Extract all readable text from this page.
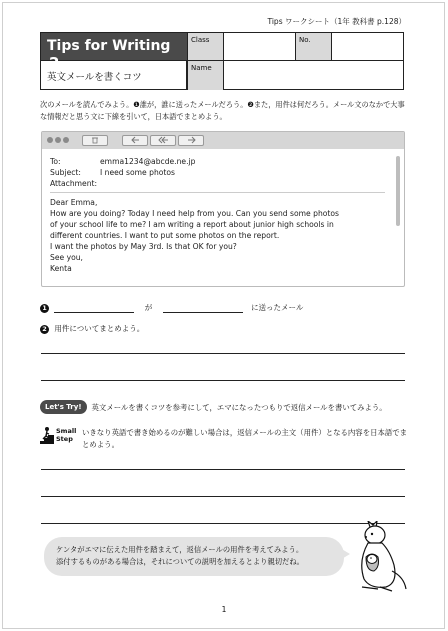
Tips ワークシート（1年 教科書 p.128）
Tips for Writing 2
英文メールを書くコツ
Class	No.
Name
次のメールを読んでみよう。❶誰が，誰に送ったメールだろう。❷また，用件は何だろう。メール文のなかで大事な情報だと思う文に下線を引いて，日本語でまとめよう。
To:	emma1234@abcde.ne.jp
Subject:	I need some photos
Attachment:
Dear Emma,
How are you doing? Today I need help from you. Can you send some photos
of your school life to me? I am writing a report about junior high schools in
different countries. I want to put some photos on the report.
I want the photos by May 3rd. Is that OK for you?
See you,
Kenta
1	が	に送ったメール
2 用件についてまとめよう。
Let's Try!	英文メールを書くコツを参考にして，エマになったつもりで返信メールを書いてみよう。
Small
Step
いきなり英語で書き始めるのが難しい場合は，返信メールの主文（用件）となる内容を日本語でまとめよう。
ケンタがエマに伝えた用件を踏まえて，返信メールの用件を考えてみよう。
添付するものがある場合は，それについての説明を加えるとより親切だね。
1
